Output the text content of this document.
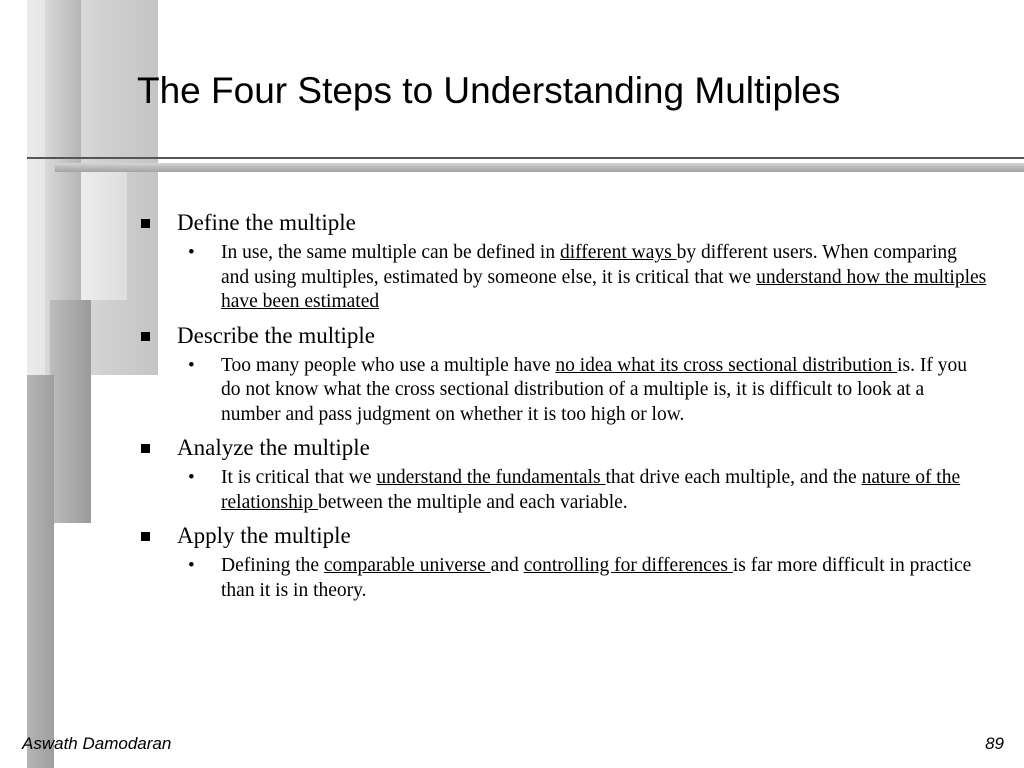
The Four Steps to Understanding Multiples
Define the multiple
•	In use, the same multiple can be defined in different ways by different users. When comparing and using multiples, estimated by someone else, it is critical that we understand how the multiples have been estimated
Describe the multiple
•	Too many people who use a multiple have no idea what its cross sectional distribution is. If you do not know what the cross sectional distribution of a multiple is, it is difficult to look at a number and pass judgment on whether it is too high or low.
Analyze the multiple
•	It is critical that we understand the fundamentals that drive each multiple, and the nature of the relationship between the multiple and each variable.
Apply the multiple
•	Defining the comparable universe and controlling for differences is far more difficult in practice than it is in theory.
Aswath Damodaran	89
